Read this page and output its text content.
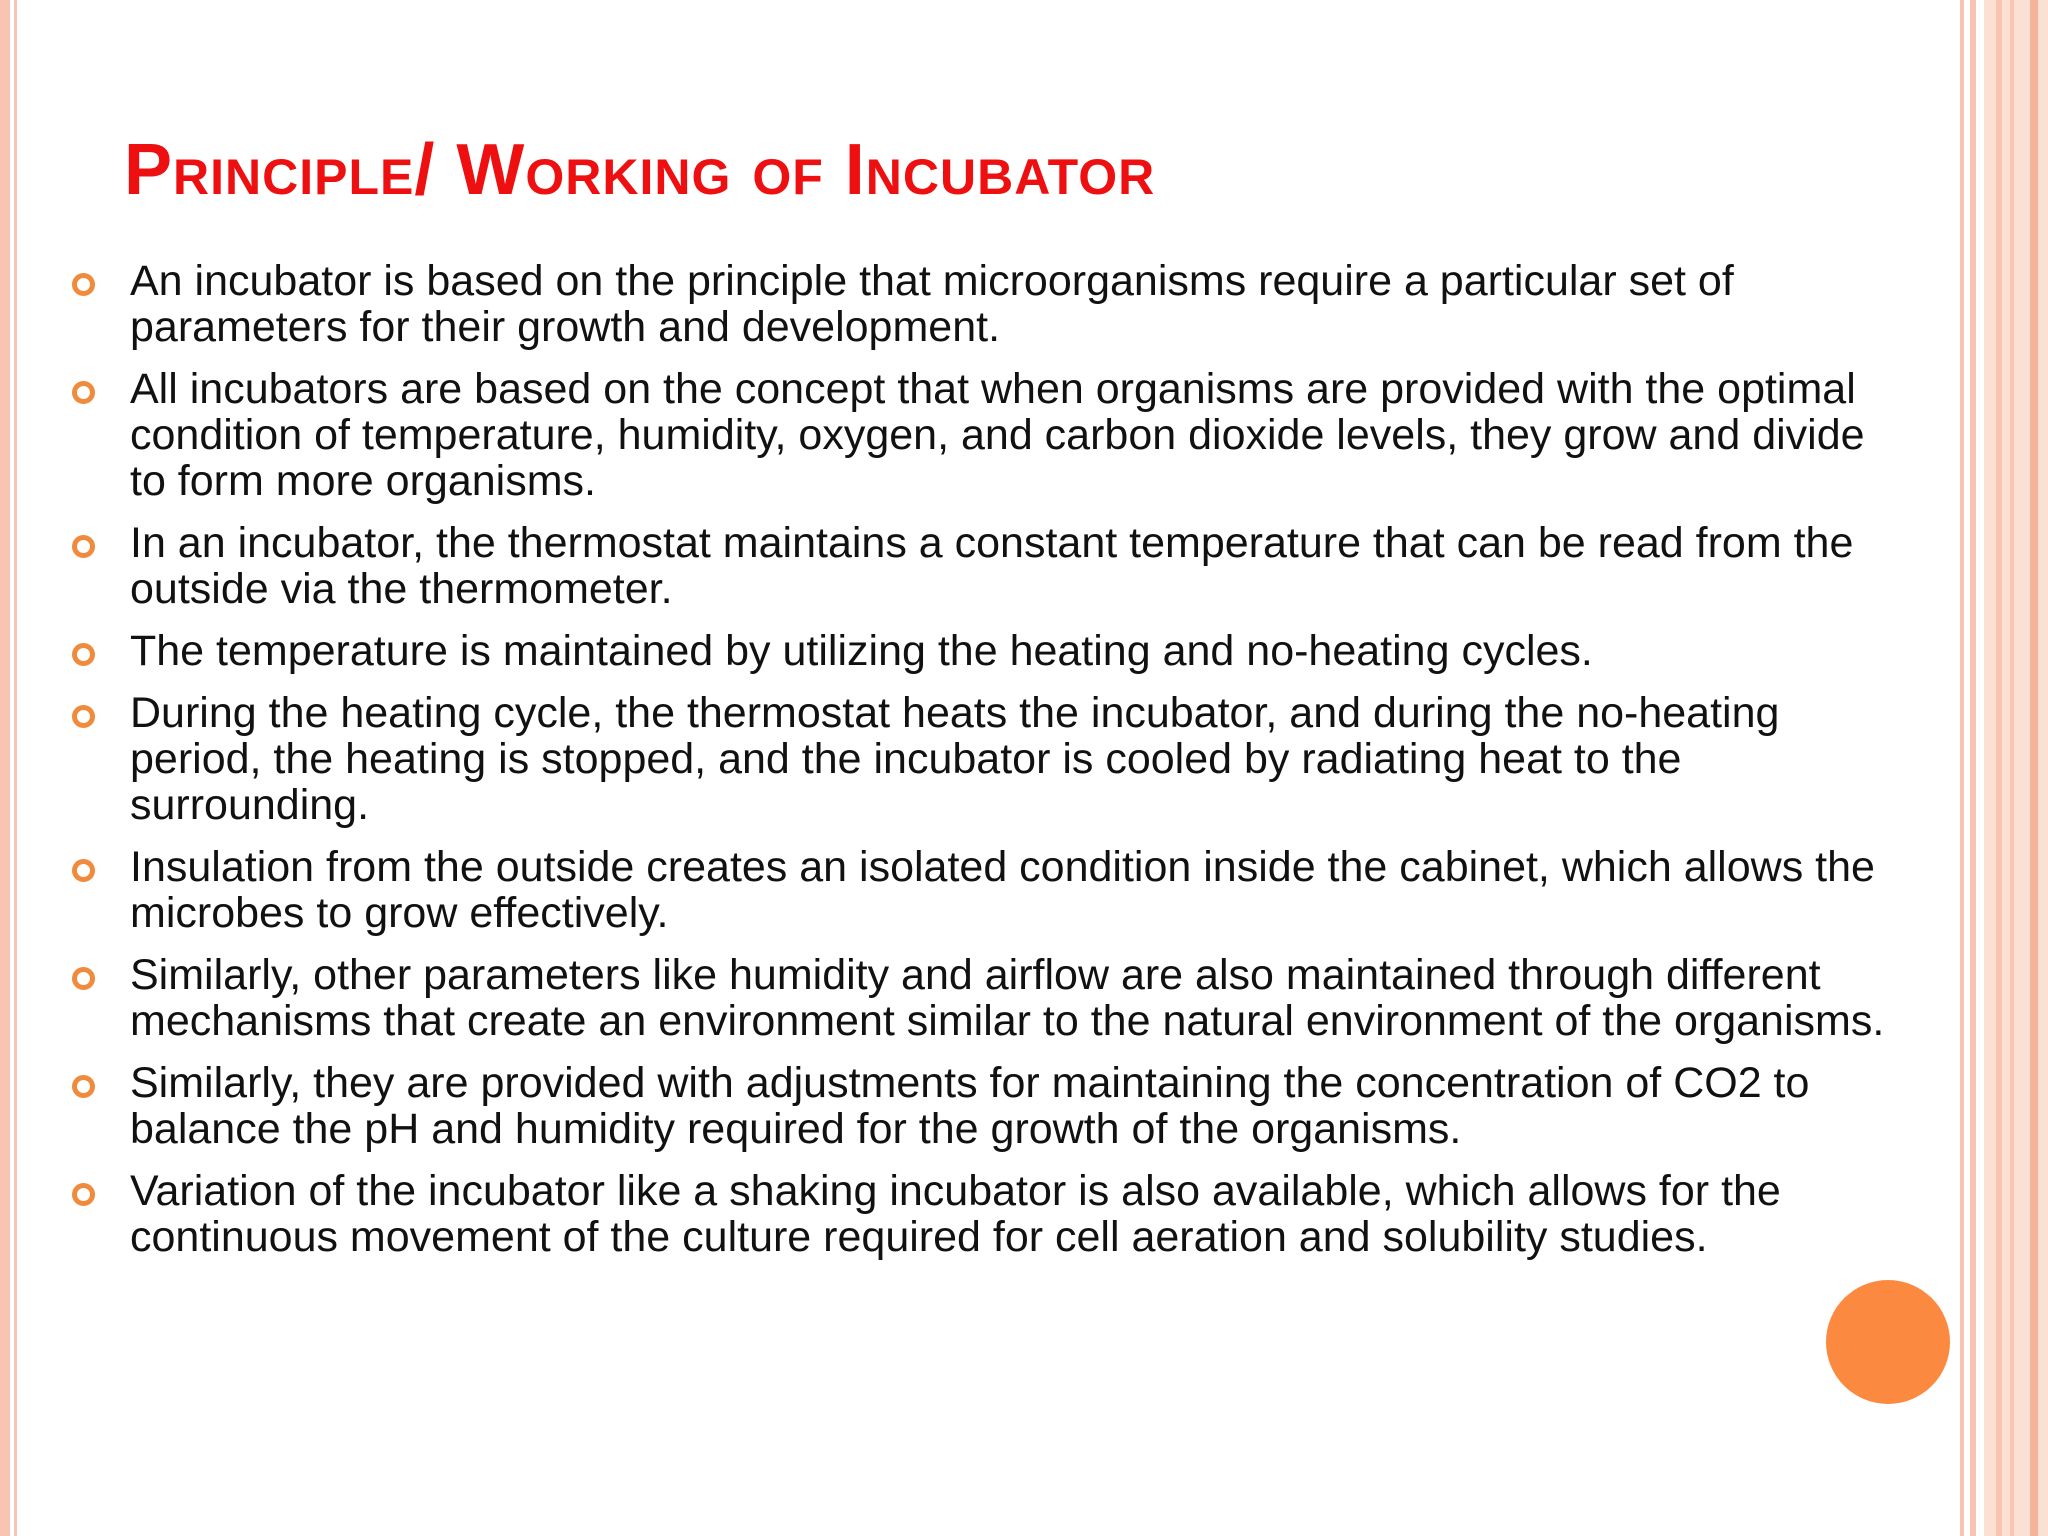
Principle/ Working of Incubator
An incubator is based on the principle that microorganisms require a particular set of parameters for their growth and development.
All incubators are based on the concept that when organisms are provided with the optimal condition of temperature, humidity, oxygen, and carbon dioxide levels, they grow and divide to form more organisms.
In an incubator, the thermostat maintains a constant temperature that can be read from the outside via the thermometer.
The temperature is maintained by utilizing the heating and no-heating cycles.
During the heating cycle, the thermostat heats the incubator, and during the no-heating period, the heating is stopped, and the incubator is cooled by radiating heat to the surrounding.
Insulation from the outside creates an isolated condition inside the cabinet, which allows the microbes to grow effectively.
Similarly, other parameters like humidity and airflow are also maintained through different mechanisms that create an environment similar to the natural environment of the organisms.
Similarly, they are provided with adjustments for maintaining the concentration of CO2 to balance the pH and humidity required for the growth of the organisms.
Variation of the incubator like a shaking incubator is also available, which allows for the continuous movement of the culture required for cell aeration and solubility studies.
